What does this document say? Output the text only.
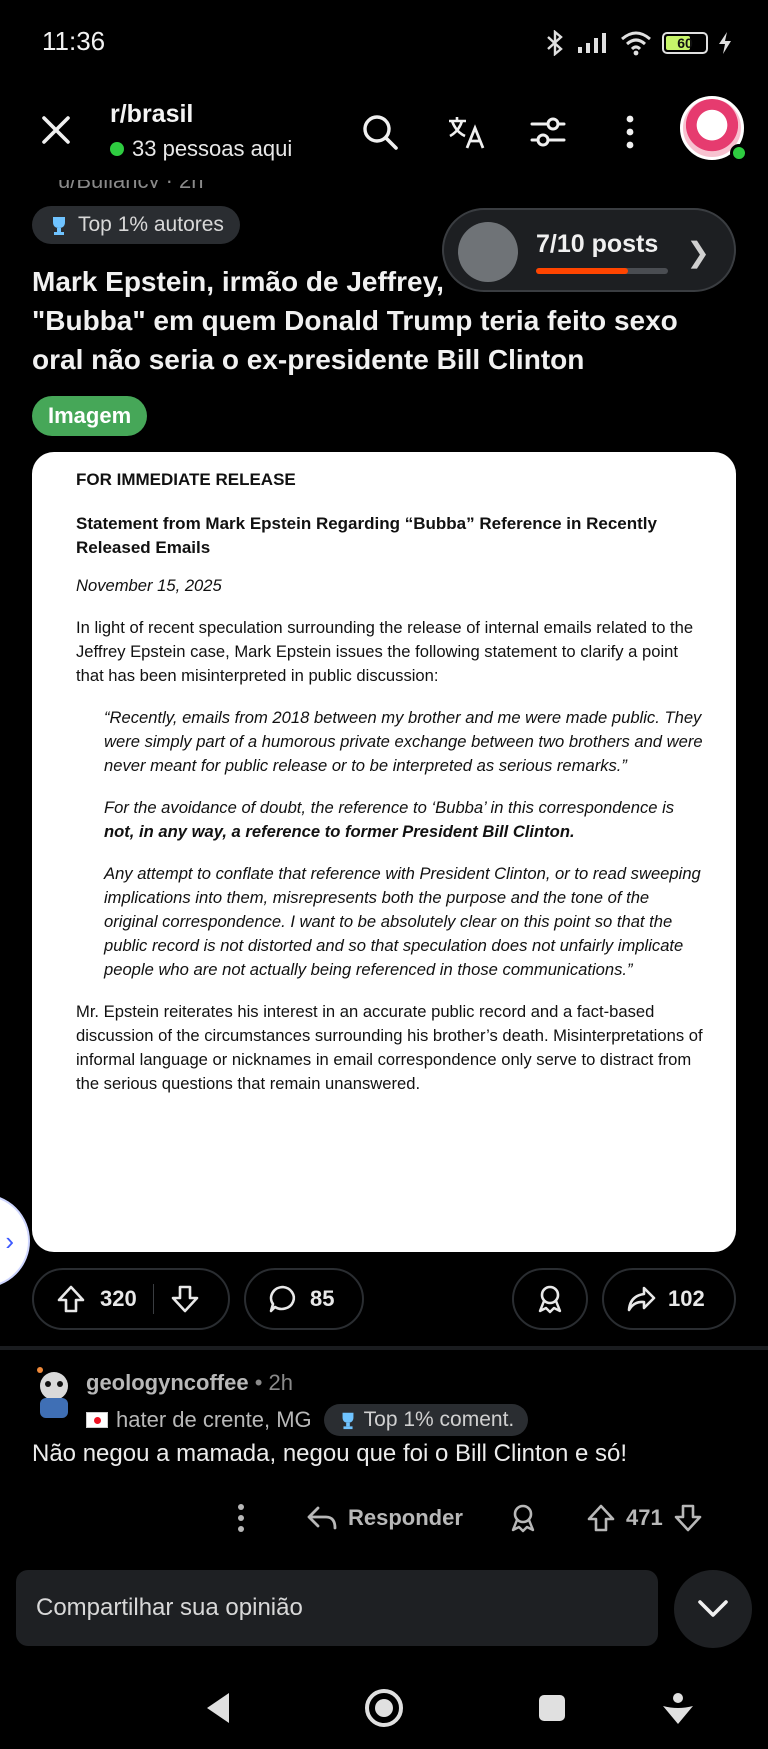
11:36	60
r/brasil
33 pessoas aqui
Top 1% autores
7/10 posts ❯
Mark Epstein, irmão de Jeffrey,
"Bubba" em quem Donald Trump teria feito sexo
oral não seria o ex-presidente Bill Clinton
Imagem
FOR IMMEDIATE RELEASE
Statement from Mark Epstein Regarding “Bubba” Reference in Recently Released Emails
November 15, 2025
In light of recent speculation surrounding the release of internal emails related to the Jeffrey Epstein case, Mark Epstein issues the following statement to clarify a point that has been misinterpreted in public discussion:
“Recently, emails from 2018 between my brother and me were made public. They were simply part of a humorous private exchange between two brothers and were never meant for public release or to be interpreted as serious remarks.”
For the avoidance of doubt, the reference to ‘Bubba’ in this correspondence is not, in any way, a reference to former President Bill Clinton.
Any attempt to conflate that reference with President Clinton, or to read sweeping implications into them, misrepresents both the purpose and the tone of the original correspondence. I want to be absolutely clear on this point so that the public record is not distorted and so that speculation does not unfairly implicate people who are not actually being referenced in those communications.”
Mr. Epstein reiterates his interest in an accurate public record and a fact-based discussion of the circumstances surrounding his brother’s death. Misinterpretations of informal language or nicknames in email correspondence only serve to distract from the serious questions that remain unanswered.
›
320	85	102
geologyncoffee • 2h
hater de crente, MG Top 1% coment.
Não negou a mamada, negou que foi o Bill Clinton e só!
Responder	471
Compartilhar sua opinião
